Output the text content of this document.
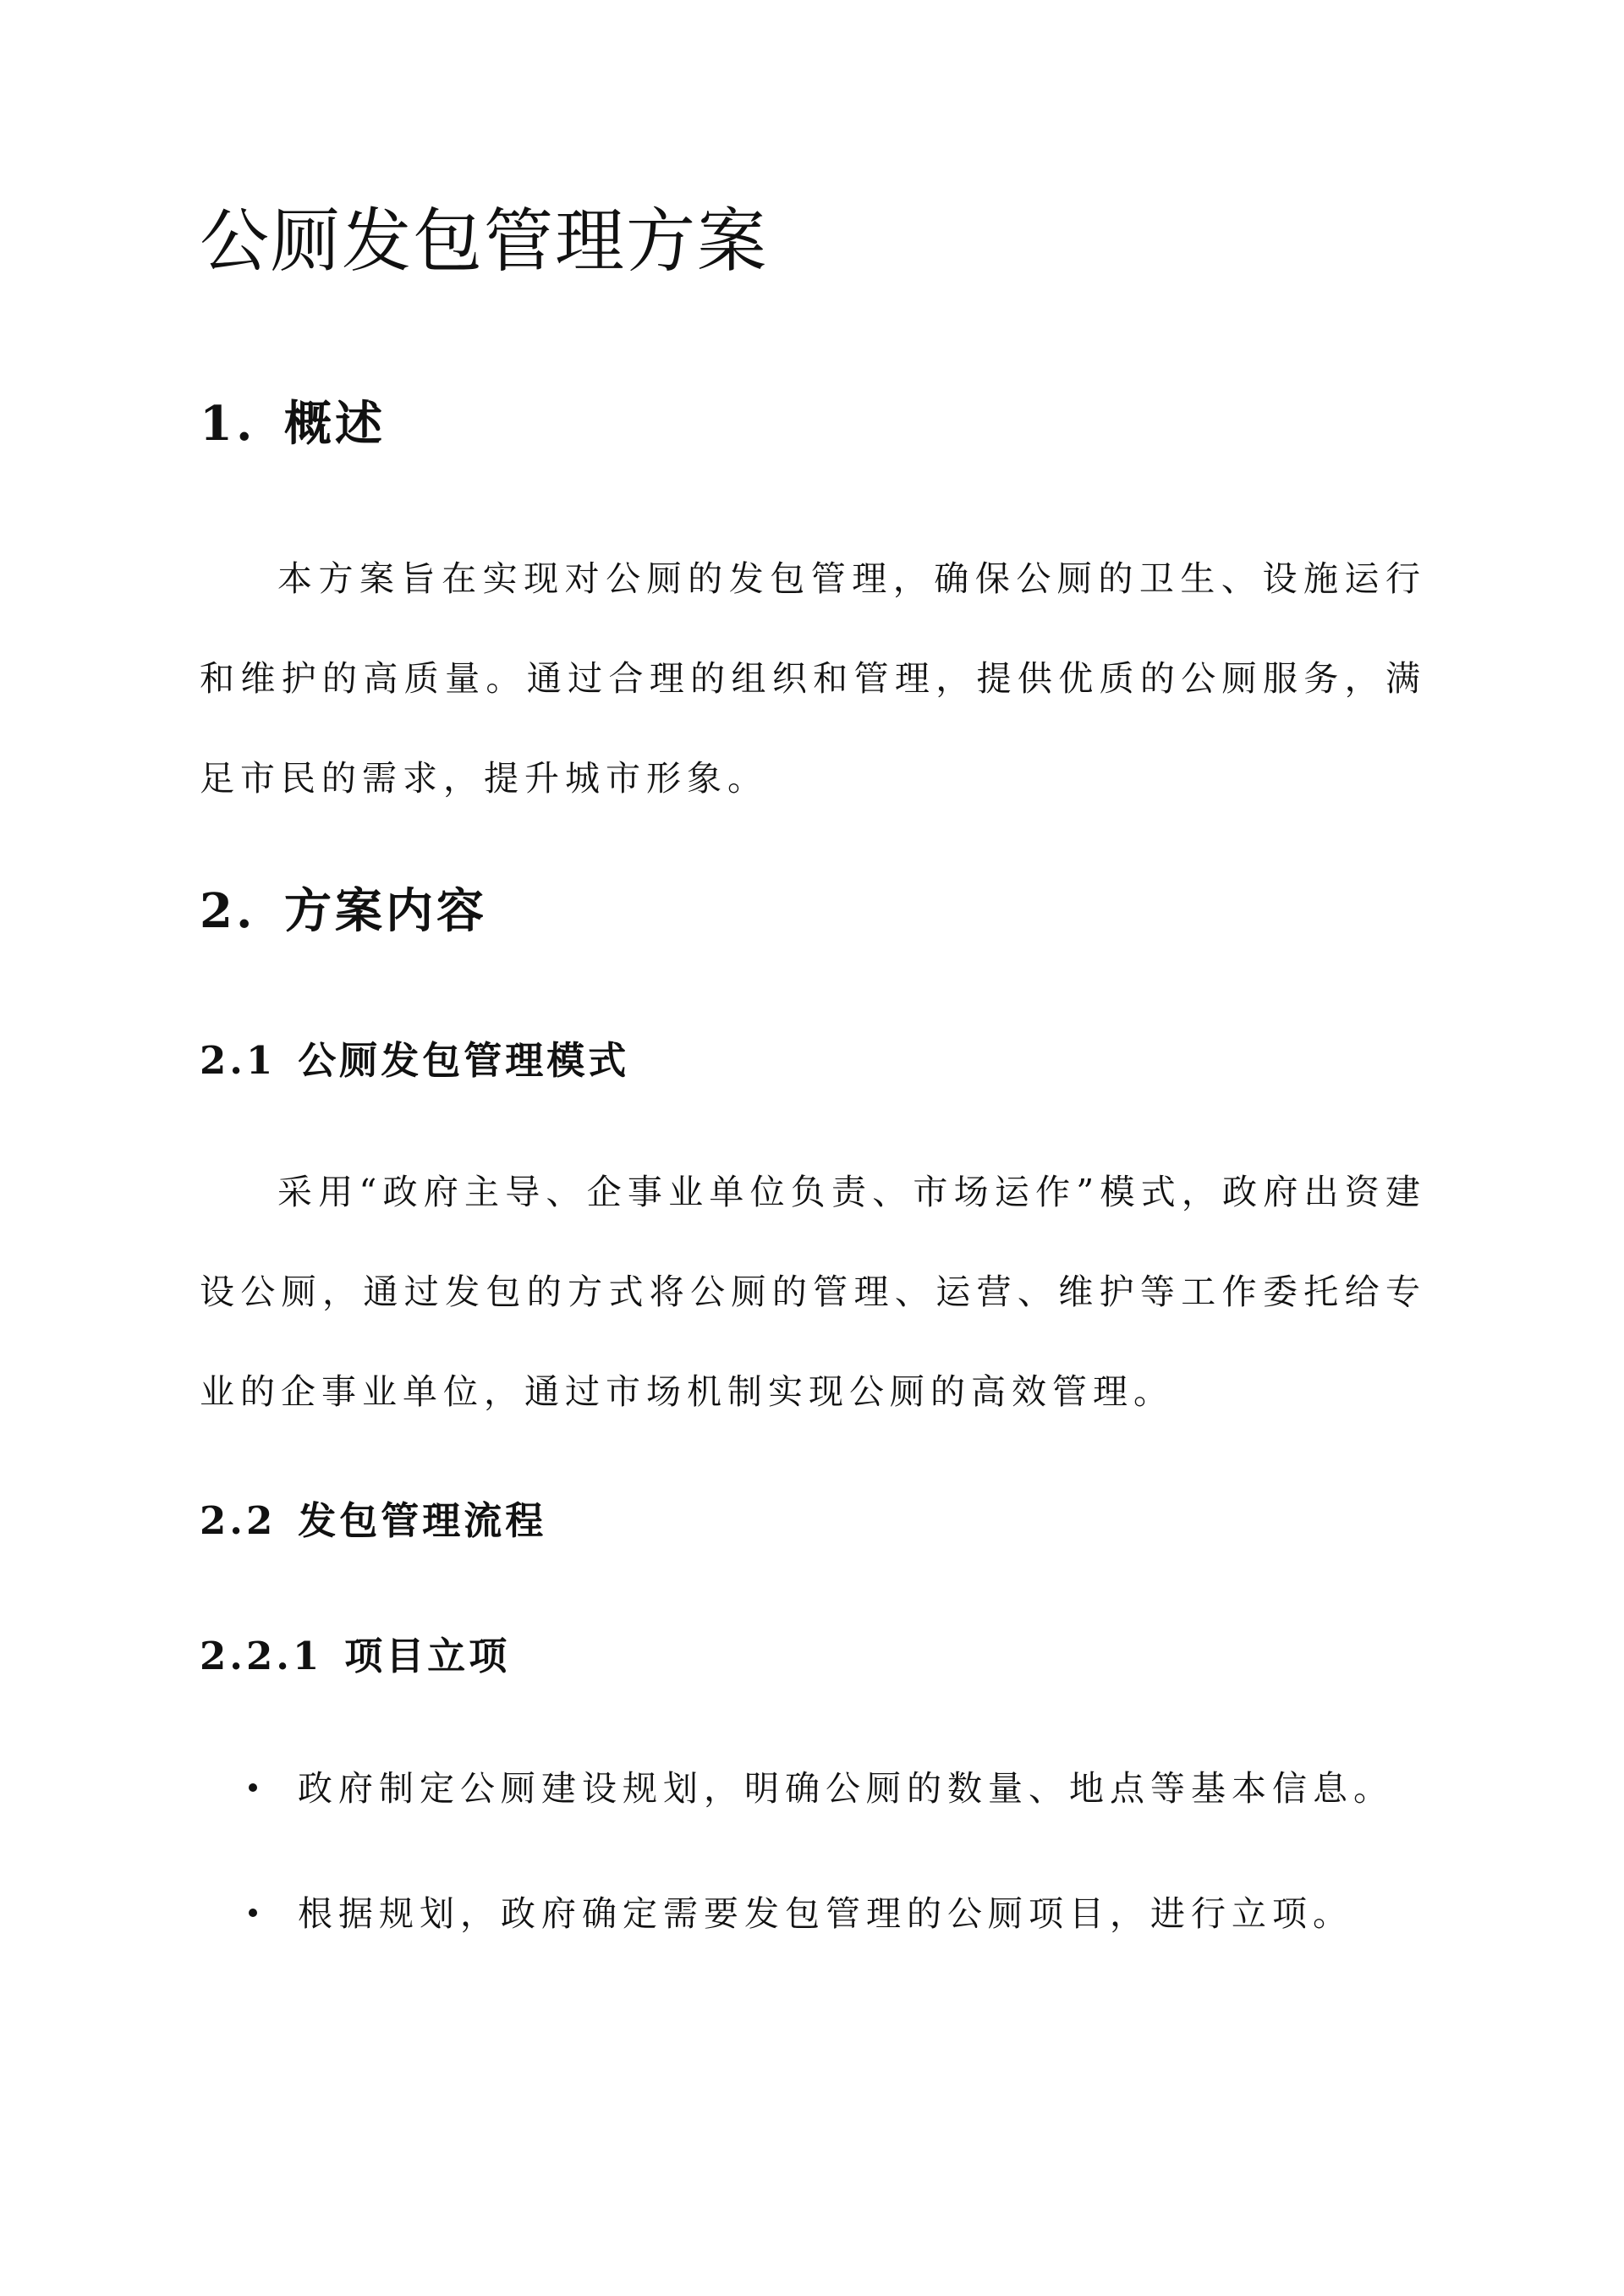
公厕发包管理方案
1. 概述

本方案旨在实现对公厕的发包管理，确保公厕的卫生、设施运行和维护的高质量。通过合理的组织和管理，提供优质的公厕服务，满足市民的需求，提升城市形象。

2. 方案内容
2.1 公厕发包管理模式

采用“政府主导、企事业单位负责、市场运作”模式，政府出资建设公厕，通过发包的方式将公厕的管理、运营、维护等工作委托给专业的企事业单位，通过市场机制实现公厕的高效管理。

2.2 发包管理流程
2.2.1 项目立项
政府制定公厕建设规划，明确公厕的数量、地点等基本信息。
根据规划，政府确定需要发包管理的公厕项目，进行立项。
